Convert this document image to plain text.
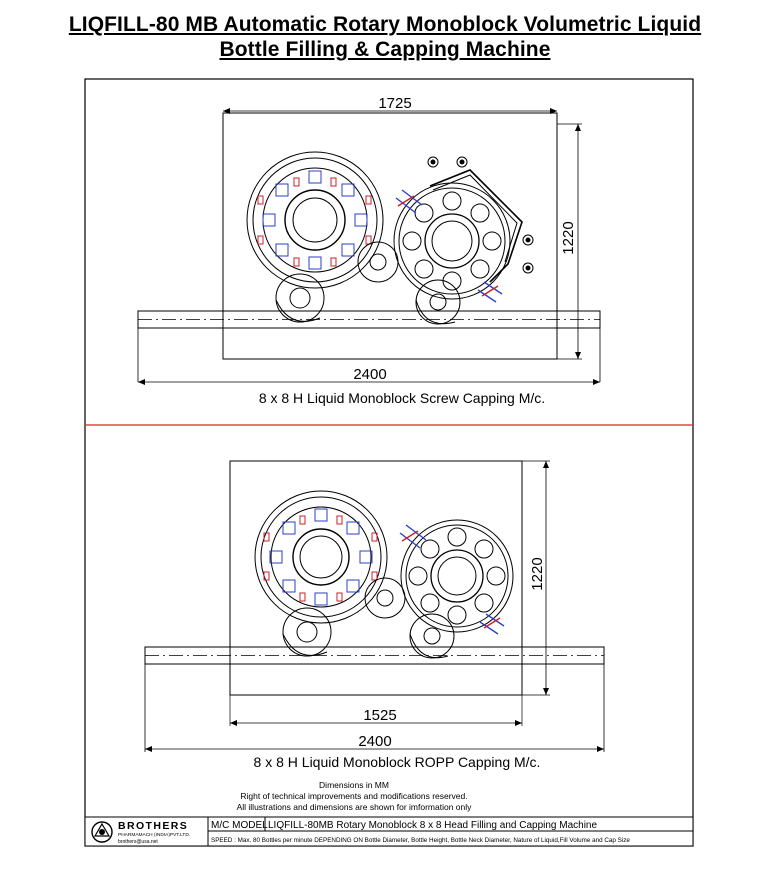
LIQFILL-80 MB Automatic Rotary Monoblock Volumetric Liquid
Bottle Filling & Capping Machine
1725
1220
2400
8 x 8 H Liquid Monoblock Screw Capping M/c.
1220
1525
2400
8 x 8 H Liquid Monoblock ROPP Capping M/c.
Dimensions in MM
Right of technical improvements and modifications reserved.
All illustrations and dimensions are shown for imformation only
BROTHERS
PHARMAMACH (INDIA)PVT.LTD.
brothers@usa.net
M/C MODEL LIQFILL-80MB Rotary Monoblock 8 x 8 Head Filling and Capping Machine
SPEED : Max. 80 Bottles per minute DEPENDING ON Bottle Diameter, Bottle Height, Bottle Neck Diameter, Nature of Liquid,Fill Volume and Cap Size
